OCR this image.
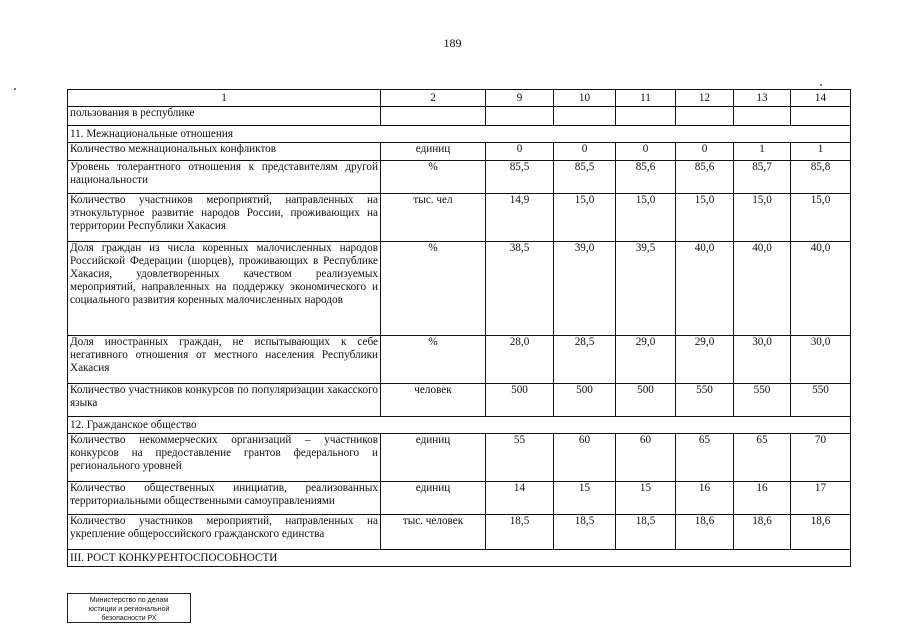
189
1	2	9	10	11	12	13	14
пользования в республике							
11. Межнациональные отношения							
Количество межнациональных конфликтов	единиц	0	0	0	0	1	1
Уровень толерантного отношения к представителям другой национальности	%	85,5	85,5	85,6	85,6	85,7	85,8
Количество участников мероприятий, направленных на этнокультурное развитие народов России, проживающих на территории Республики Хакасия	тыс. чел	14,9	15,0	15,0	15,0	15,0	15,0
Доля граждан из числа коренных малочисленных народов Российской Федерации (шорцев), проживающих в Республике Хакасия, удовлетворенных качеством реализуемых мероприятий, направленных на поддержку экономического и социального развития коренных малочисленных народов	%	38,5	39,0	39,5	40,0	40,0	40,0
Доля иностранных граждан, не испытывающих к себе негативного отношения от местного населения Республики Хакасия	%	28,0	28,5	29,0	29,0	30,0	30,0
Количество участников конкурсов по популяризации хакасского языка	человек	500	500	500	550	550	550
12. Гражданское общество							
Количество некоммерческих организаций – участников конкурсов на предоставление грантов федерального и регионального уровней	единиц	55	60	60	65	65	70
Количество общественных инициатив, реализованных территориальными общественными самоуправлениями	единиц	14	15	15	16	16	17
Количество участников мероприятий, направленных на укрепление общероссийского гражданского единства	тыс. человек	18,5	18,5	18,5	18,6	18,6	18,6
III. РОСТ КОНКУРЕНТОСПОСОБНОСТИ							
Министерство по делам
юстиции и региональной
безопасности РХ
